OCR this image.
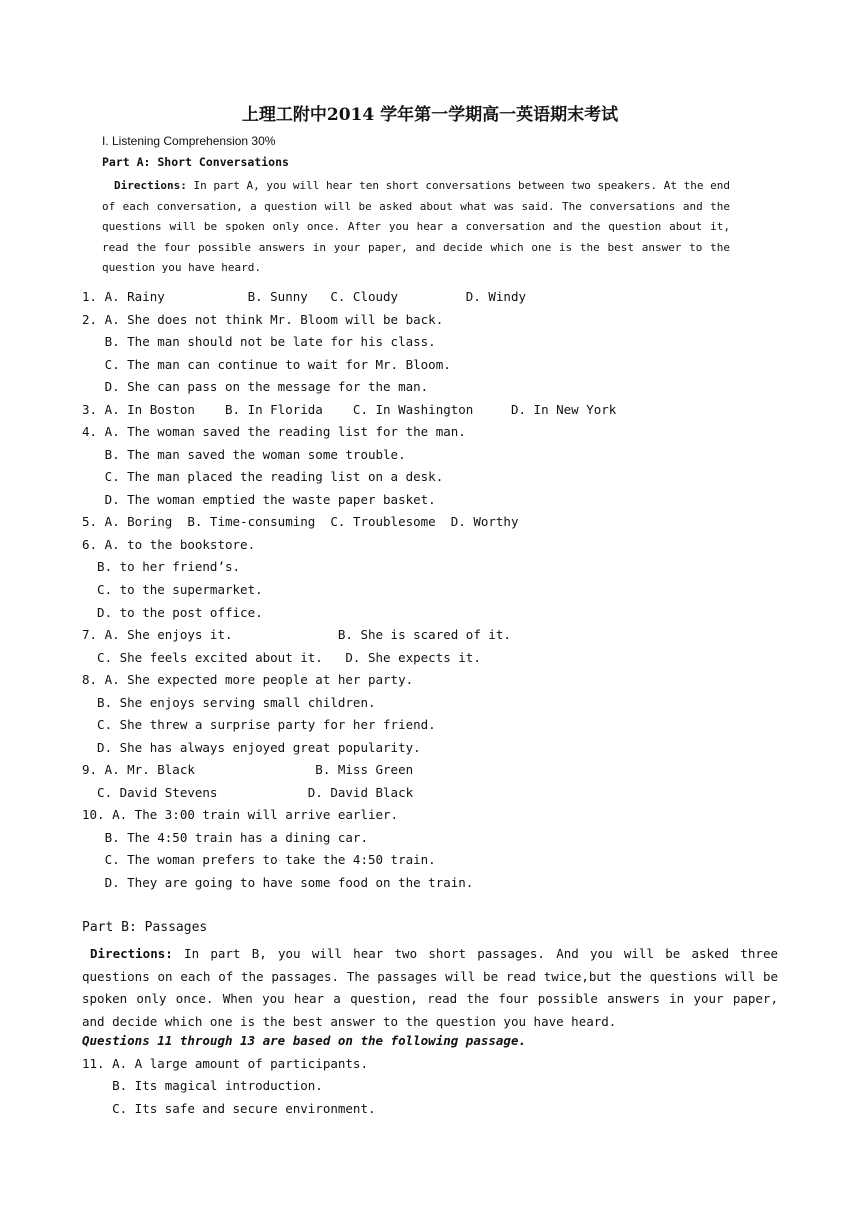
上理工附中2014 学年第一学期高一英语期末考试
I. Listening Comprehension 30%
Part A: Short Conversations
Directions: In part A, you will hear ten short conversations between two speakers. At the end of each conversation, a question will be asked about what was said. The conversations and the questions will be spoken only once. After you hear a conversation and the question about it, read the four possible answers in your paper, and decide which one is the best answer to the question you have heard.
1. A. Rainy           B. Sunny   C. Cloudy         D. Windy
2. A. She does not think Mr. Bloom will be back.
B. The man should not be late for his class.
C. The man can continue to wait for Mr. Bloom.
D. She can pass on the message for the man.
3. A. In Boston    B. In Florida    C. In Washington     D. In New York
4. A. The woman saved the reading list for the man.
B. The man saved the woman some trouble.
C. The man placed the reading list on a desk.
D. The woman emptied the waste paper basket.
5. A. Boring  B. Time-consuming  C. Troublesome  D. Worthy
6. A. to the bookstore.
B. to her friend’s.
C. to the supermarket.
D. to the post office.
7. A. She enjoys it.              B. She is scared of it.
C. She feels excited about it.   D. She expects it.
8. A. She expected more people at her party.
B. She enjoys serving small children.
C. She threw a surprise party for her friend.
D. She has always enjoyed great popularity.
9. A. Mr. Black                B. Miss Green
C. David Stevens            D. David Black
10. A. The 3:00 train will arrive earlier.
B. The 4:50 train has a dining car.
C. The woman prefers to take the 4:50 train.
D. They are going to have some food on the train.
Part B: Passages
Directions: In part B, you will hear two short passages. And you will be asked three questions on each of the passages. The passages will be read twice,but the questions will be spoken only once. When you hear a question, read the four possible answers in your paper, and decide which one is the best answer to the question you have heard.
Questions 11 through 13 are based on the following passage.
11. A. A large amount of participants.
B. Its magical introduction.
C. Its safe and secure environment.
